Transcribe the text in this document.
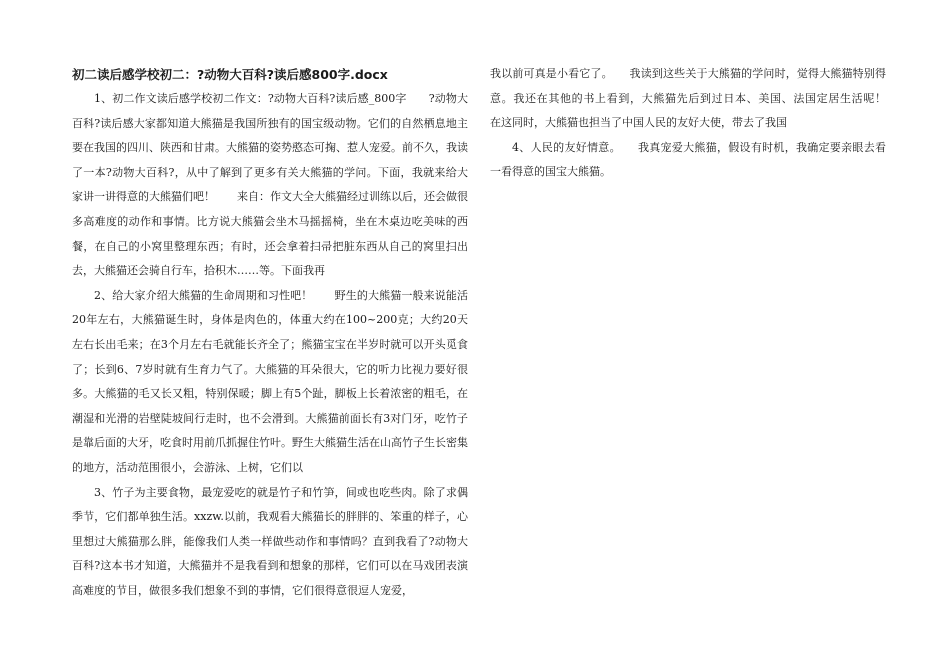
初二读后感学校初二：?动物大百科?读后感800字.docx

1、初二作文读后感学校初二作文：?动物大百科?读后感_800字　　?动物大百科?读后感大家都知道大熊猫是我国所独有的国宝级动物。它们的自然栖息地主要在我国的四川、陕西和甘肃。大熊猫的姿势憨态可掬、惹人宠爱。前不久，我读了一本?动物大百科?，从中了解到了更多有关大熊猫的学问。下面，我就来给大家讲一讲得意的大熊猫们吧！　　来自：作文大全大熊猫经过训练以后，还会做很多高难度的动作和事情。比方说大熊猫会坐木马摇摇椅，坐在木桌边吃美味的西餐，在自己的小窝里整理东西；有时，还会拿着扫帚把脏东西从自己的窝里扫出去，大熊猫还会骑自行车，拾积木……等。下面我再

2、给大家介绍大熊猫的生命周期和习性吧！　　野生的大熊猫一般来说能活20年左右，大熊猫诞生时，身体是肉色的，体重大约在100~200克；大约20天左右长出毛来；在3个月左右毛就能长齐全了；熊猫宝宝在半岁时就可以开头觅食了；长到6、7岁时就有生育力气了。大熊猫的耳朵很大，它的听力比视力要好很多。大熊猫的毛又长又粗，特别保暖；脚上有5个趾，脚板上长着浓密的粗毛，在潮湿和光滑的岩壁陡坡间行走时，也不会滑到。大熊猫前面长有3对门牙，吃竹子是靠后面的大牙，吃食时用前爪抓握住竹叶。野生大熊猫生活在山高竹子生长密集的地方，活动范围很小，会游泳、上树，它们以

3、竹子为主要食物，最宠爱吃的就是竹子和竹笋，间或也吃些肉。除了求偶季节，它们都单独生活。xxzw.以前，我观看大熊猫长的胖胖的、笨重的样子，心里想过大熊猫那么胖，能像我们人类一样做些动作和事情吗？直到我看了?动物大百科?这本书才知道，大熊猫并不是我看到和想象的那样，它们可以在马戏团表演高难度的节目，做很多我们想象不到的事情，它们很得意很逗人宠爱，

我以前可真是小看它了。　　我读到这些关于大熊猫的学问时，觉得大熊猫特别得意。我还在其他的书上看到，大熊猫先后到过日本、美国、法国定居生活呢！　　在这同时，大熊猫也担当了中国人民的友好大使，带去了我国

4、人民的友好情意。　　我真宠爱大熊猫，假设有时机，我确定要亲眼去看一看得意的国宝大熊猫。
